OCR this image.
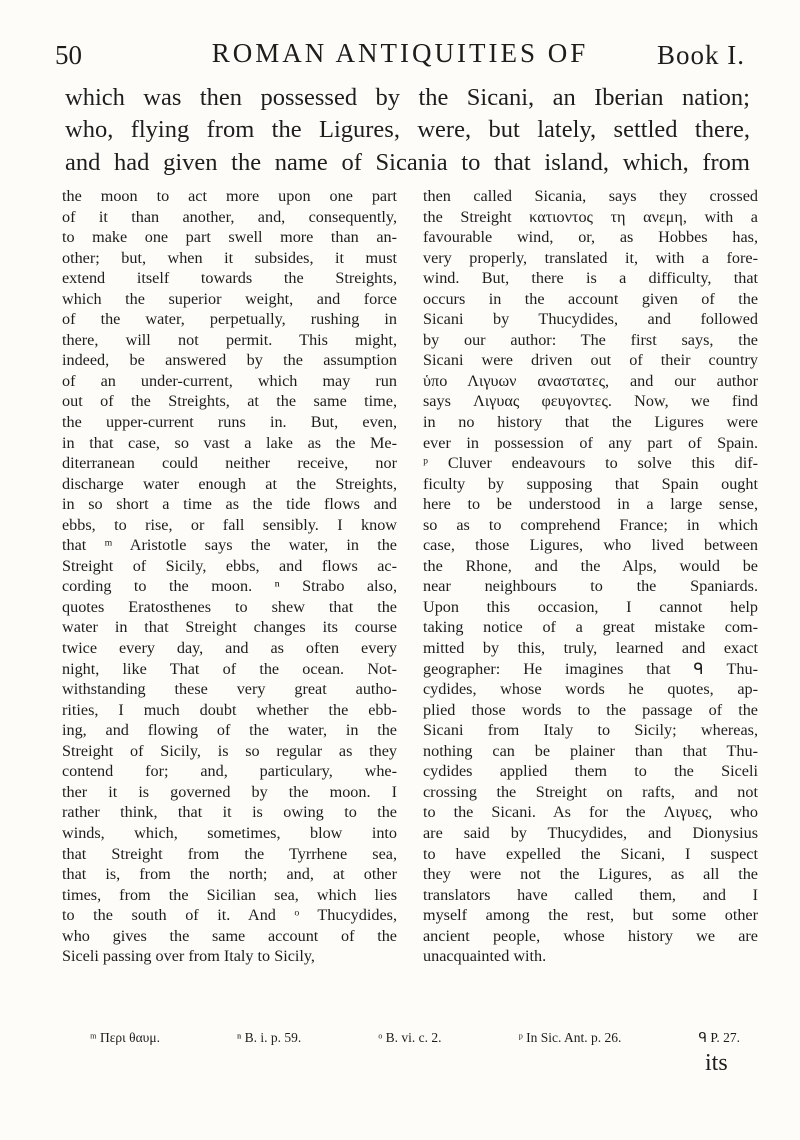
50	ROMAN ANTIQUITIES OF	Book I.
which was then possessed by the Sicani, an Iberian nation;
who, flying from the Ligures, were, but lately, settled there,
and had given the name of Sicania to that island, which, from
the moon to act more upon one part
of it than another, and, consequently,
to make one part swell more than an-
other; but, when it subsides, it must
extend itself towards the Streights,
which the superior weight, and force
of the water, perpetually, rushing in
there, will not permit. This might,
indeed, be answered by the assumption
of an under-current, which may run
out of the Streights, at the same time,
the upper-current runs in. But, even,
in that case, so vast a lake as the Me-
diterranean could neither receive, nor
discharge water enough at the Streights,
in so short a time as the tide flows and
ebbs, to rise, or fall sensibly. I know
that ᵐ Aristotle says the water, in the
Streight of Sicily, ebbs, and flows ac-
cording to the moon. ⁿ Strabo also,
quotes Eratosthenes to shew that the
water in that Streight changes its course
twice every day, and as often every
night, like That of the ocean. Not-
withstanding these very great autho-
rities, I much doubt whether the ebb-
ing, and flowing of the water, in the
Streight of Sicily, is so regular as they
contend for; and, particulary, whe-
ther it is governed by the moon. I
rather think, that it is owing to the
winds, which, sometimes, blow into
that Streight from the Tyrrhene sea,
that is, from the north; and, at other
times, from the Sicilian sea, which lies
to the south of it. And ᵒ Thucydides,
who gives the same account of the
Siceli passing over from Italy to Sicily,
then called Sicania, says they crossed
the Streight κατιοντος τη ανεμη, with a
favourable wind, or, as Hobbes has,
very properly, translated it, with a fore-
wind. But, there is a difficulty, that
occurs in the account given of the
Sicani by Thucydides, and followed
by our author: The first says, the
Sicani were driven out of their country
ὑπο Λιγυων αναστατες, and our author
says Λιγυας φευγοντες. Now, we find
in no history that the Ligures were
ever in possession of any part of Spain.
ᵖ Cluver endeavours to solve this dif-
ficulty by supposing that Spain ought
here to be understood in a large sense,
so as to comprehend France; in which
case, those Ligures, who lived between
the Rhone, and the Alps, would be
near neighbours to the Spaniards.
Upon this occasion, I cannot help
taking notice of a great mistake com-
mitted by this, truly, learned and exact
geographer: He imagines that ᑫ Thu-
cydides, whose words he quotes, ap-
plied those words to the passage of the
Sicani from Italy to Sicily; whereas,
nothing can be plainer than that Thu-
cydides applied them to the Siceli
crossing the Streight on rafts, and not
to the Sicani. As for the Λιγυες, who
are said by Thucydides, and Dionysius
to have expelled the Sicani, I suspect
they were not the Ligures, as all the
translators have called them, and I
myself among the rest, but some other
ancient people, whose history we are
unacquainted with.
ᵐ Περι θαυμ.	ⁿ B. i. p. 59.	ᵒ B. vi. c. 2.	ᵖ In Sic. Ant. p. 26.	ᑫ P. 27.
its
